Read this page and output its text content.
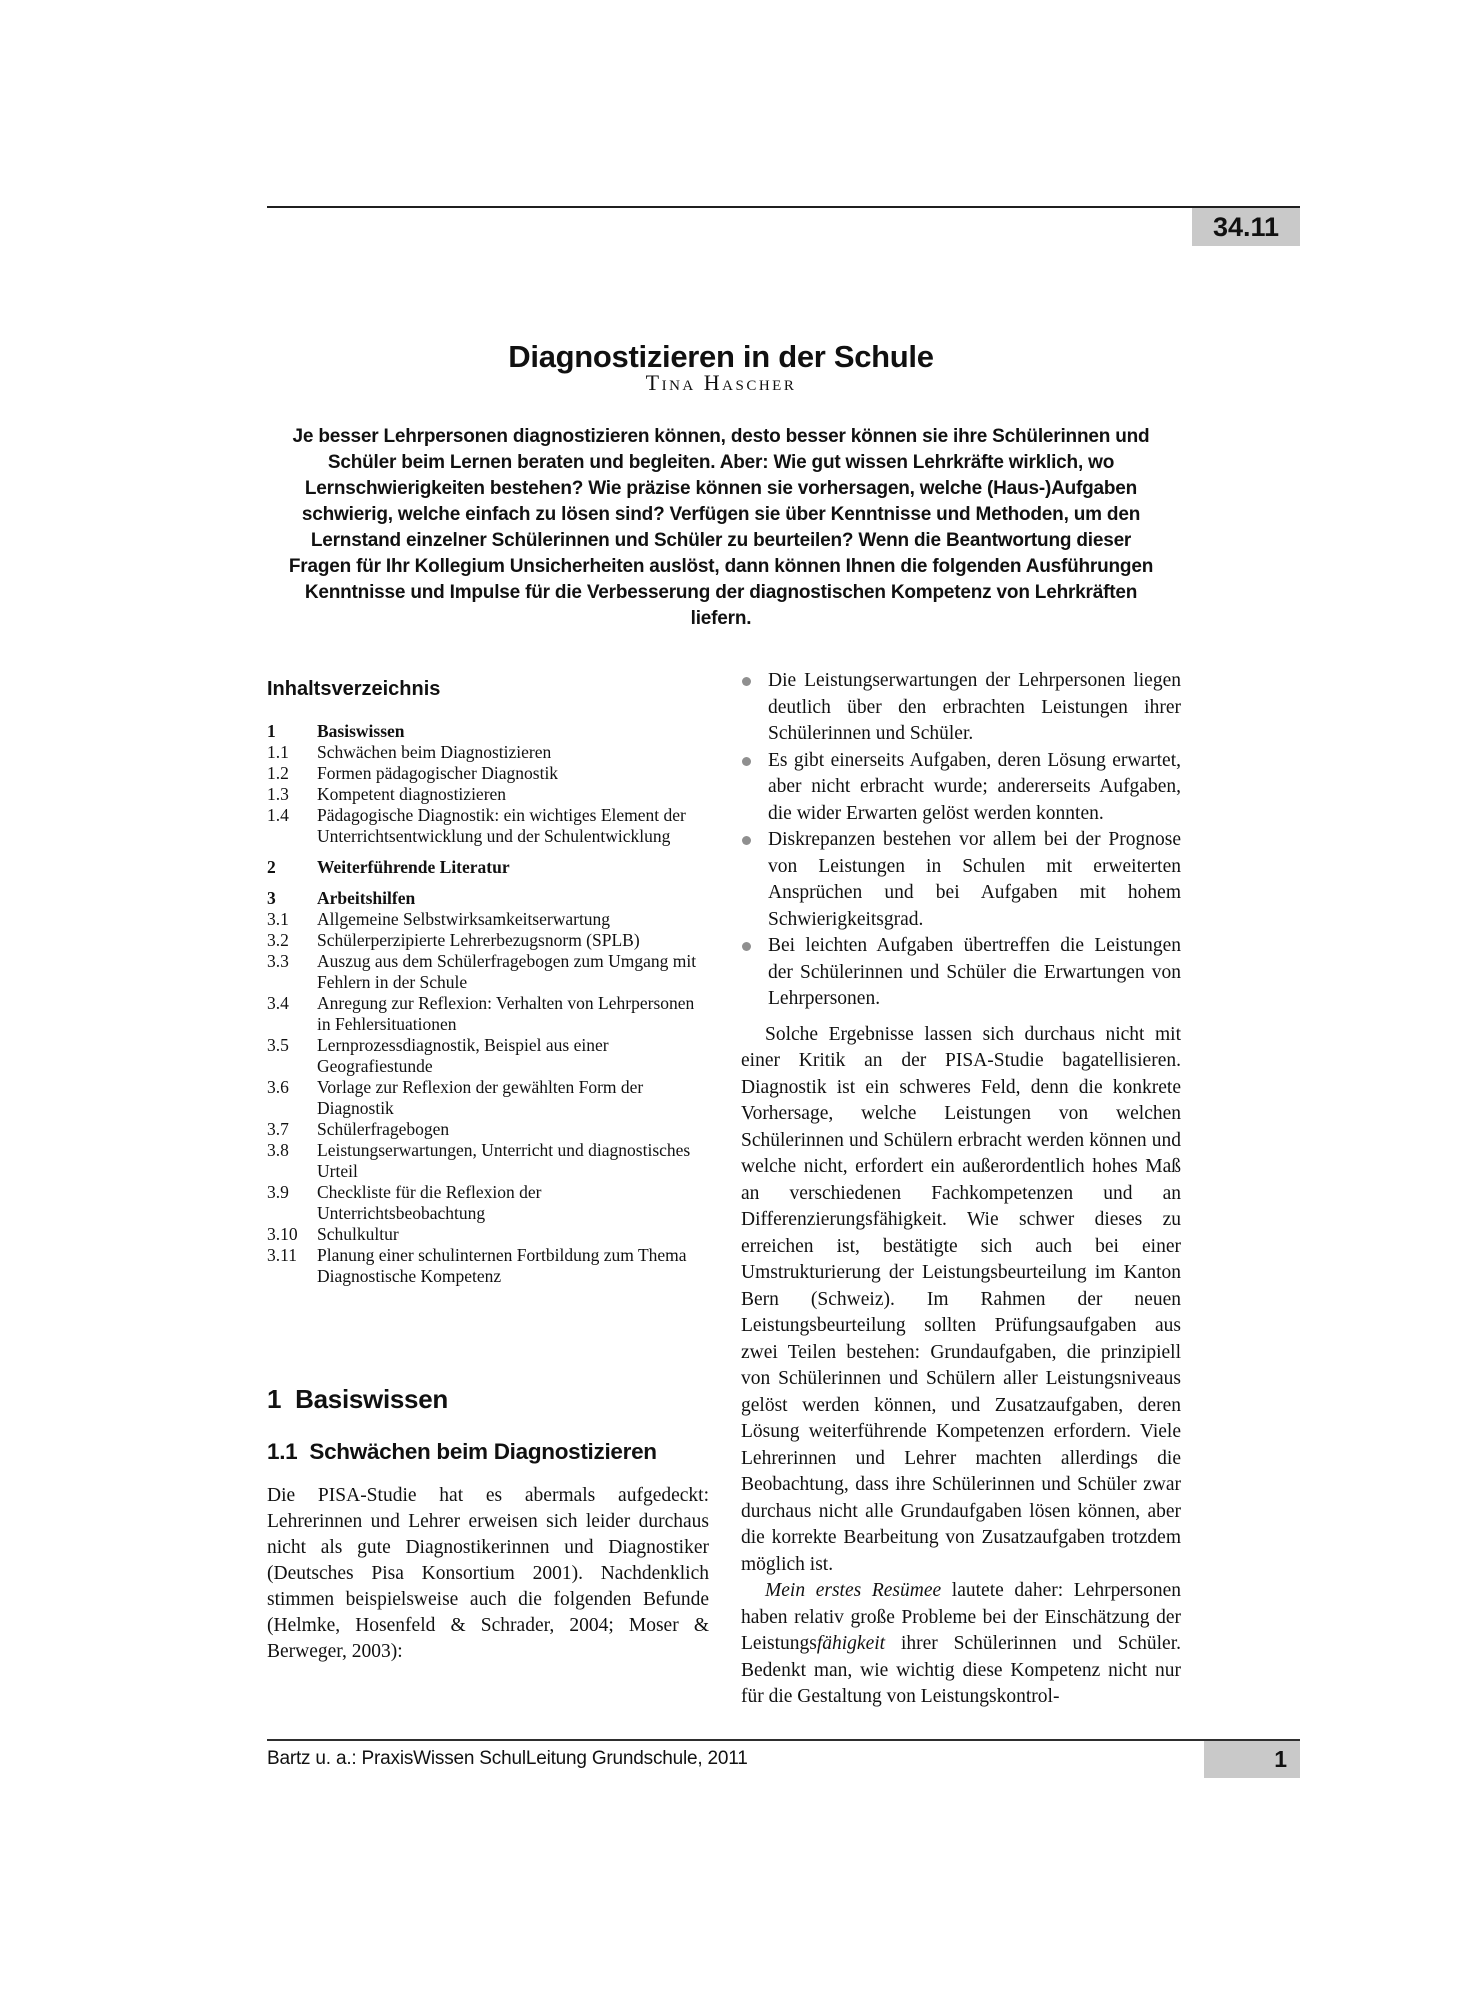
34.11
Diagnostizieren in der Schule
Tina Hascher
Je besser Lehrpersonen diagnostizieren können, desto besser können sie ihre Schülerinnen und Schüler beim Lernen beraten und begleiten. Aber: Wie gut wissen Lehrkräfte wirklich, wo Lernschwierigkeiten bestehen? Wie präzise können sie vorhersagen, welche (Haus-)Aufgaben schwierig, welche einfach zu lösen sind? Verfügen sie über Kenntnisse und Methoden, um den Lernstand einzelner Schülerinnen und Schüler zu beurteilen? Wenn die Beantwortung dieser Fragen für Ihr Kollegium Unsicherheiten auslöst, dann können Ihnen die folgenden Ausführungen Kenntnisse und Impulse für die Verbesserung der diagnostischen Kompetenz von Lehrkräften liefern.
Inhaltsverzeichnis
1	Basiswissen
1.1	Schwächen beim Diagnostizieren
1.2	Formen pädagogischer Diagnostik
1.3	Kompetent diagnostizieren
1.4	Pädagogische Diagnostik: ein wichtiges Element der Unterrichtsentwicklung und der Schulentwicklung
2	Weiterführende Literatur
3	Arbeitshilfen
3.1	Allgemeine Selbstwirksamkeitserwartung
3.2	Schülerperzipierte Lehrerbezugsnorm (SPLB)
3.3	Auszug aus dem Schülerfragebogen zum Umgang mit Fehlern in der Schule
3.4	Anregung zur Reflexion: Verhalten von Lehrpersonen in Fehlersituationen
3.5	Lernprozessdiagnostik, Beispiel aus einer Geografiestunde
3.6	Vorlage zur Reflexion der gewählten Form der Diagnostik
3.7	Schülerfragebogen
3.8	Leistungserwartungen, Unterricht und diagnostisches Urteil
3.9	Checkliste für die Reflexion der Unterrichtsbeobachtung
3.10	Schulkultur
3.11	Planung einer schulinternen Fortbildung zum Thema Diagnostische Kompetenz
1 Basiswissen
1.1 Schwächen beim Diagnostizieren

Die PISA-Studie hat es abermals aufgedeckt: Lehrerinnen und Lehrer erweisen sich leider durchaus nicht als gute Diagnostikerinnen und Diagnostiker (Deutsches Pisa Konsortium 2001). Nachdenklich stimmen beispielsweise auch die folgenden Befunde (Helmke, Hosenfeld & Schrader, 2004; Moser & Berweger, 2003):

Die Leistungserwartungen der Lehrpersonen liegen deutlich über den erbrachten Leistungen ihrer Schülerinnen und Schüler.
Es gibt einerseits Aufgaben, deren Lösung erwartet, aber nicht erbracht wurde; andererseits Aufgaben, die wider Erwarten gelöst werden konnten.
Diskrepanzen bestehen vor allem bei der Prognose von Leistungen in Schulen mit erweiterten Ansprüchen und bei Aufgaben mit hohem Schwierigkeitsgrad.
Bei leichten Aufgaben übertreffen die Leistungen der Schülerinnen und Schüler die Erwartungen von Lehrpersonen.

Solche Ergebnisse lassen sich durchaus nicht mit einer Kritik an der PISA-Studie bagatellisieren. Diagnostik ist ein schweres Feld, denn die konkrete Vorhersage, welche Leistungen von welchen Schülerinnen und Schülern erbracht werden können und welche nicht, erfordert ein außerordentlich hohes Maß an verschiedenen Fachkompetenzen und an Differenzierungsfähigkeit. Wie schwer dieses zu erreichen ist, bestätigte sich auch bei einer Umstrukturierung der Leistungsbeurteilung im Kanton Bern (Schweiz). Im Rahmen der neuen Leistungsbeurteilung sollten Prüfungsaufgaben aus zwei Teilen bestehen: Grundaufgaben, die prinzipiell von Schülerinnen und Schülern aller Leistungsniveaus gelöst werden können, und Zusatzaufgaben, deren Lösung weiterführende Kompetenzen erfordern. Viele Lehrerinnen und Lehrer machten allerdings die Beobachtung, dass ihre Schülerinnen und Schüler zwar durchaus nicht alle Grundaufgaben lösen können, aber die korrekte Bearbeitung von Zusatzaufgaben trotzdem möglich ist.

Mein erstes Resümee lautete daher: Lehrpersonen haben relativ große Probleme bei der Einschätzung der Leistungsfähigkeit ihrer Schülerinnen und Schüler. Bedenkt man, wie wichtig diese Kompetenz nicht nur für die Gestaltung von Leistungskontrol-

Bartz u. a.: PraxisWissen SchulLeitung Grundschule, 2011	1
